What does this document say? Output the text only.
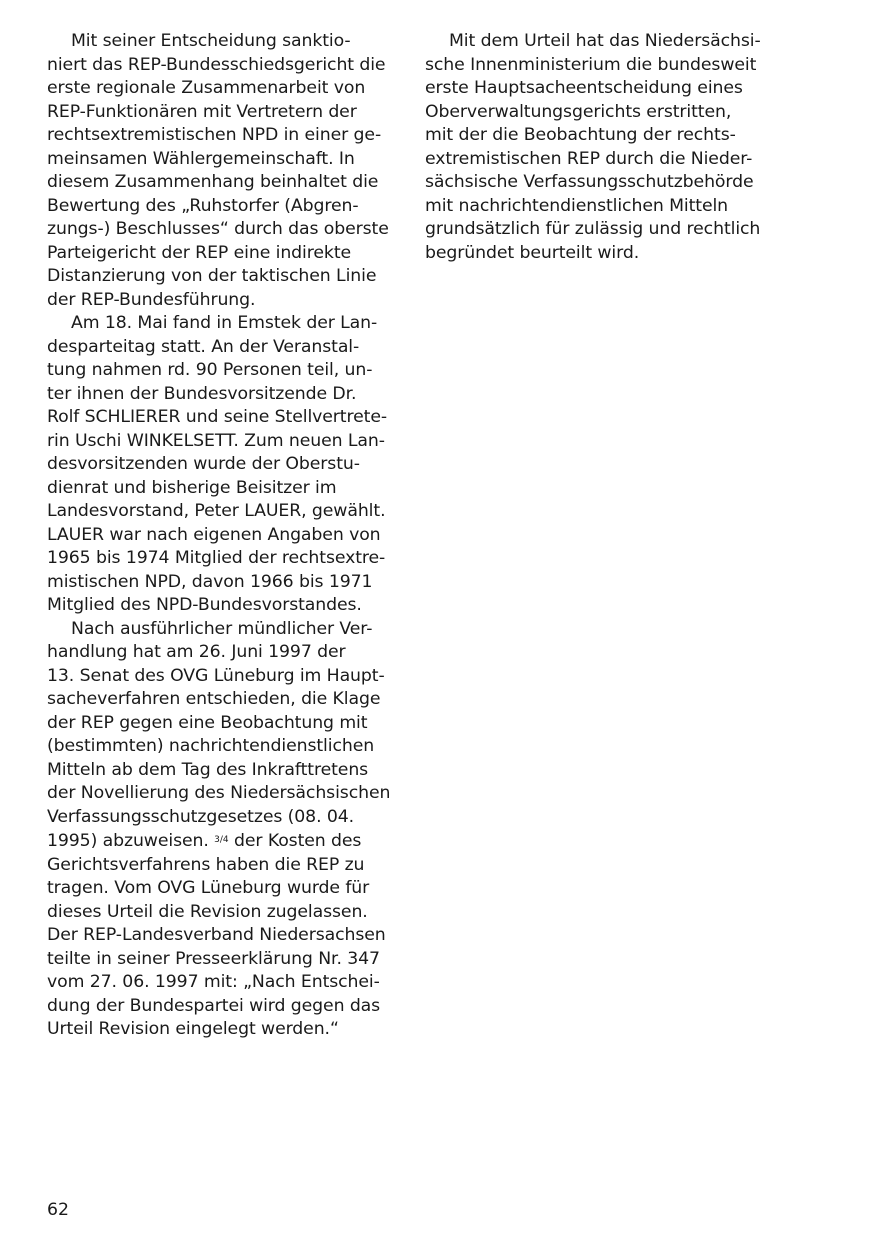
Mit seiner Entscheidung sanktio-
niert das REP-Bundesschiedsgericht die
erste regionale Zusammenarbeit von
REP-Funktionären mit Vertretern der
rechtsextremistischen NPD in einer ge-
meinsamen Wählergemeinschaft. In
diesem Zusammenhang beinhaltet die
Bewertung des „Ruhstorfer (Abgren-
zungs-) Beschlusses“ durch das oberste
Parteigericht der REP eine indirekte
Distanzierung von der taktischen Linie
der REP-Bundesführung.

Am 18. Mai fand in Emstek der Lan-
desparteitag statt. An der Veranstal-
tung nahmen rd. 90 Personen teil, un-
ter ihnen der Bundesvorsitzende Dr.
Rolf SCHLIERER und seine Stellvertrete-
rin Uschi WINKELSETT. Zum neuen Lan-
desvorsitzenden wurde der Oberstu-
dienrat und bisherige Beisitzer im
Landesvorstand, Peter LAUER, gewählt.
LAUER war nach eigenen Angaben von
1965 bis 1974 Mitglied der rechtsextre-
mistischen NPD, davon 1966 bis 1971
Mitglied des NPD-Bundesvorstandes.

Nach ausführlicher mündlicher Ver-
handlung hat am 26. Juni 1997 der
13. Senat des OVG Lüneburg im Haupt-
sacheverfahren entschieden, die Klage
der REP gegen eine Beobachtung mit
(bestimmten) nachrichtendienstlichen
Mitteln ab dem Tag des Inkrafttretens
der Novellierung des Niedersächsischen
Verfassungsschutzgesetzes (08. 04.
1995) abzuweisen. $^{3/4}$ der Kosten des
Gerichtsverfahrens haben die REP zu
tragen. Vom OVG Lüneburg wurde für
dieses Urteil die Revision zugelassen.
Der REP-Landesverband Niedersachsen
teilte in seiner Presseerklärung Nr. 347
vom 27. 06. 1997 mit: „Nach Entschei-
dung der Bundespartei wird gegen das
Urteil Revision eingelegt werden.“

Mit dem Urteil hat das Niedersächsi-
sche Innenministerium die bundesweit
erste Hauptsacheentscheidung eines
Oberverwaltungsgerichts erstritten,
mit der die Beobachtung der rechts-
extremistischen REP durch die Nieder-
sächsische Verfassungsschutzbehörde
mit nachrichtendienstlichen Mitteln
grundsätzlich für zulässig und rechtlich
begründet beurteilt wird.

62
